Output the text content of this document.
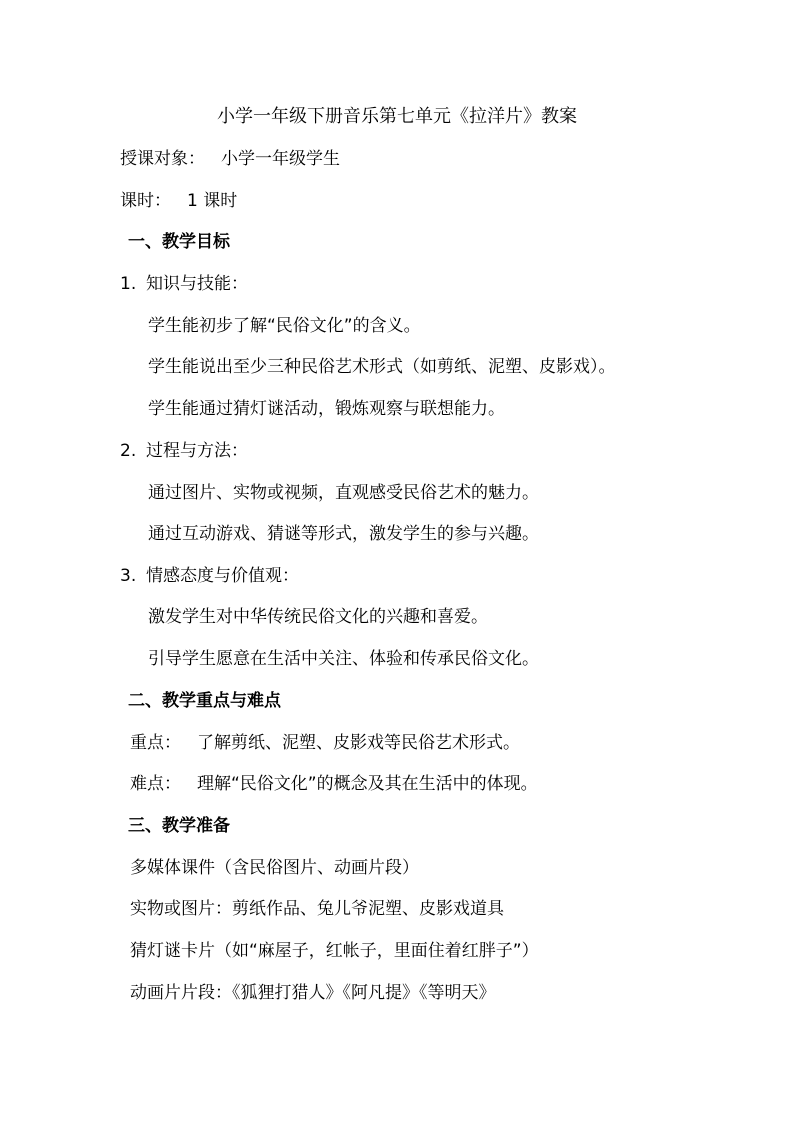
小学一年级下册音乐第七单元《拉洋片》教案
授课对象： 小学一年级学生
课时： 1 课时
一、教学目标
1. 知识与技能：
学生能初步了解“民俗文化”的含义。
学生能说出至少三种民俗艺术形式（如剪纸、泥塑、皮影戏）。
学生能通过猜灯谜活动，锻炼观察与联想能力。
2. 过程与方法：
通过图片、实物或视频，直观感受民俗艺术的魅力。
通过互动游戏、猜谜等形式，激发学生的参与兴趣。
3. 情感态度与价值观：
激发学生对中华传统民俗文化的兴趣和喜爱。
引导学生愿意在生活中关注、体验和传承民俗文化。
二、教学重点与难点
重点： 了解剪纸、泥塑、皮影戏等民俗艺术形式。
难点： 理解“民俗文化”的概念及其在生活中的体现。
三、教学准备
多媒体课件（含民俗图片、动画片段）
实物或图片：剪纸作品、兔儿爷泥塑、皮影戏道具
猜灯谜卡片（如“麻屋子，红帐子，里面住着红胖子”）
动画片片段：《狐狸打猎人》《阿凡提》《等明天》
